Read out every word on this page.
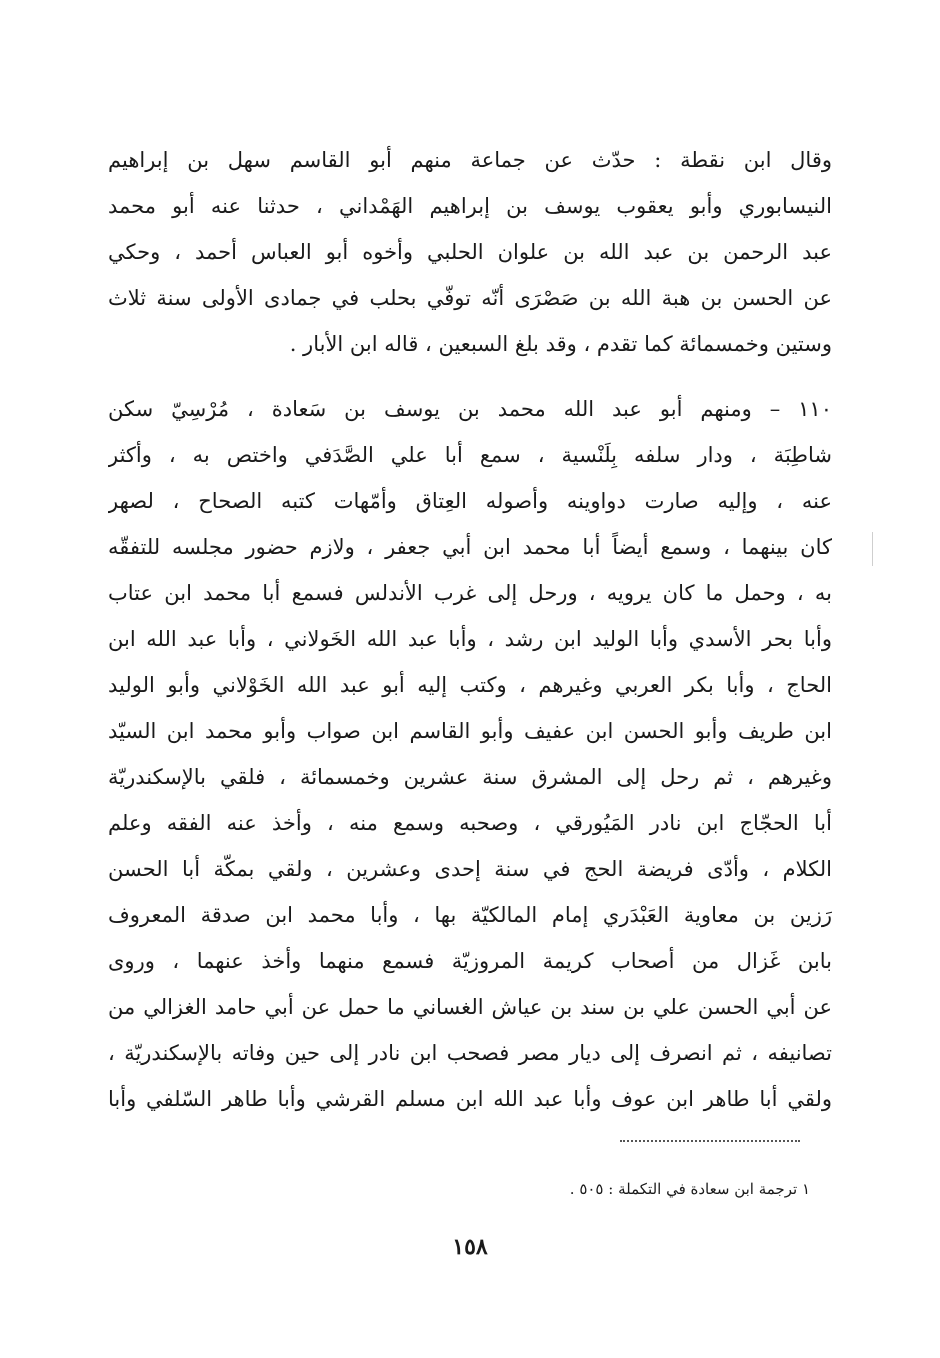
وقال ابن نقطة : حدّث عن جماعة منهم أبو القاسم سهل بن إبراهيم
النيسابوري وأبو يعقوب يوسف بن إبراهيم الهَمْداني ، حدثنا عنه أبو محمد
عبد الرحمن بن عبد الله بن علوان الحلبي وأخوه أبو العباس أحمد ، وحكي
عن الحسن بن هبة الله بن صَصْرَى أنّه توفّي بحلب في جمادى الأولى سنة ثلاث
وستين وخمسمائة كما تقدم ، وقد بلغ السبعين ، قاله ابن الأبار .
١١٠ – ومنهم أبو عبد الله محمد بن يوسف بن سَعادة ، مُرْسِيّ سكن
شاطِبَة ، ودار سلفه بِلَنْسية ، سمع أبا علي الصَّدَفي واختص به ، وأكثر
عنه ، وإليه صارت دواوينه وأصوله العِتاق وأمّهات كتبه الصحاح ، لصهر
كان بينهما ، وسمع أيضاً أبا محمد ابن أبي جعفر ، ولازم حضور مجلسه للتفقّه
به ، وحمل ما كان يرويه ، ورحل إلى غرب الأندلس فسمع أبا محمد ابن عتاب
وأبا بحر الأسدي وأبا الوليد ابن رشد ، وأبا عبد الله الخَولاني ، وأبا عبد الله ابن
الحاج ، وأبا بكر العربي وغيرهم ، وكتب إليه أبو عبد الله الخَوْلاني وأبو الوليد
ابن طريف وأبو الحسن ابن عفيف وأبو القاسم ابن صواب وأبو محمد ابن السيّد
وغيرهم ، ثم رحل إلى المشرق سنة عشرين وخمسمائة ، فلقي بالإسكندريّة
أبا الحجّاج ابن نادر المَيُورقي ، وصحبه وسمع منه ، وأخذ عنه الفقه وعلم
الكلام ، وأدّى فريضة الحج في سنة إحدى وعشرين ، ولقي بمكّة أبا الحسن
رَزين بن معاوية العَبْدَري إمام المالكيّة بها ، وأبا محمد ابن صدقة المعروف
بابن غَزال من أصحاب كريمة المروزيّة فسمع منهما وأخذ عنهما ، وروى
عن أبي الحسن علي بن سند بن عياش الغساني ما حمل عن أبي حامد الغزالي من
تصانيفه ، ثم انصرف إلى ديار مصر فصحب ابن نادر إلى حين وفاته بالإسكندريّة ،
ولقي أبا طاهر ابن عوف وأبا عبد الله ابن مسلم القرشي وأبا طاهر السّلفي وأبا
١ ترجمة ابن سعادة في التكملة : ٥٠٥ .
١٥٨
